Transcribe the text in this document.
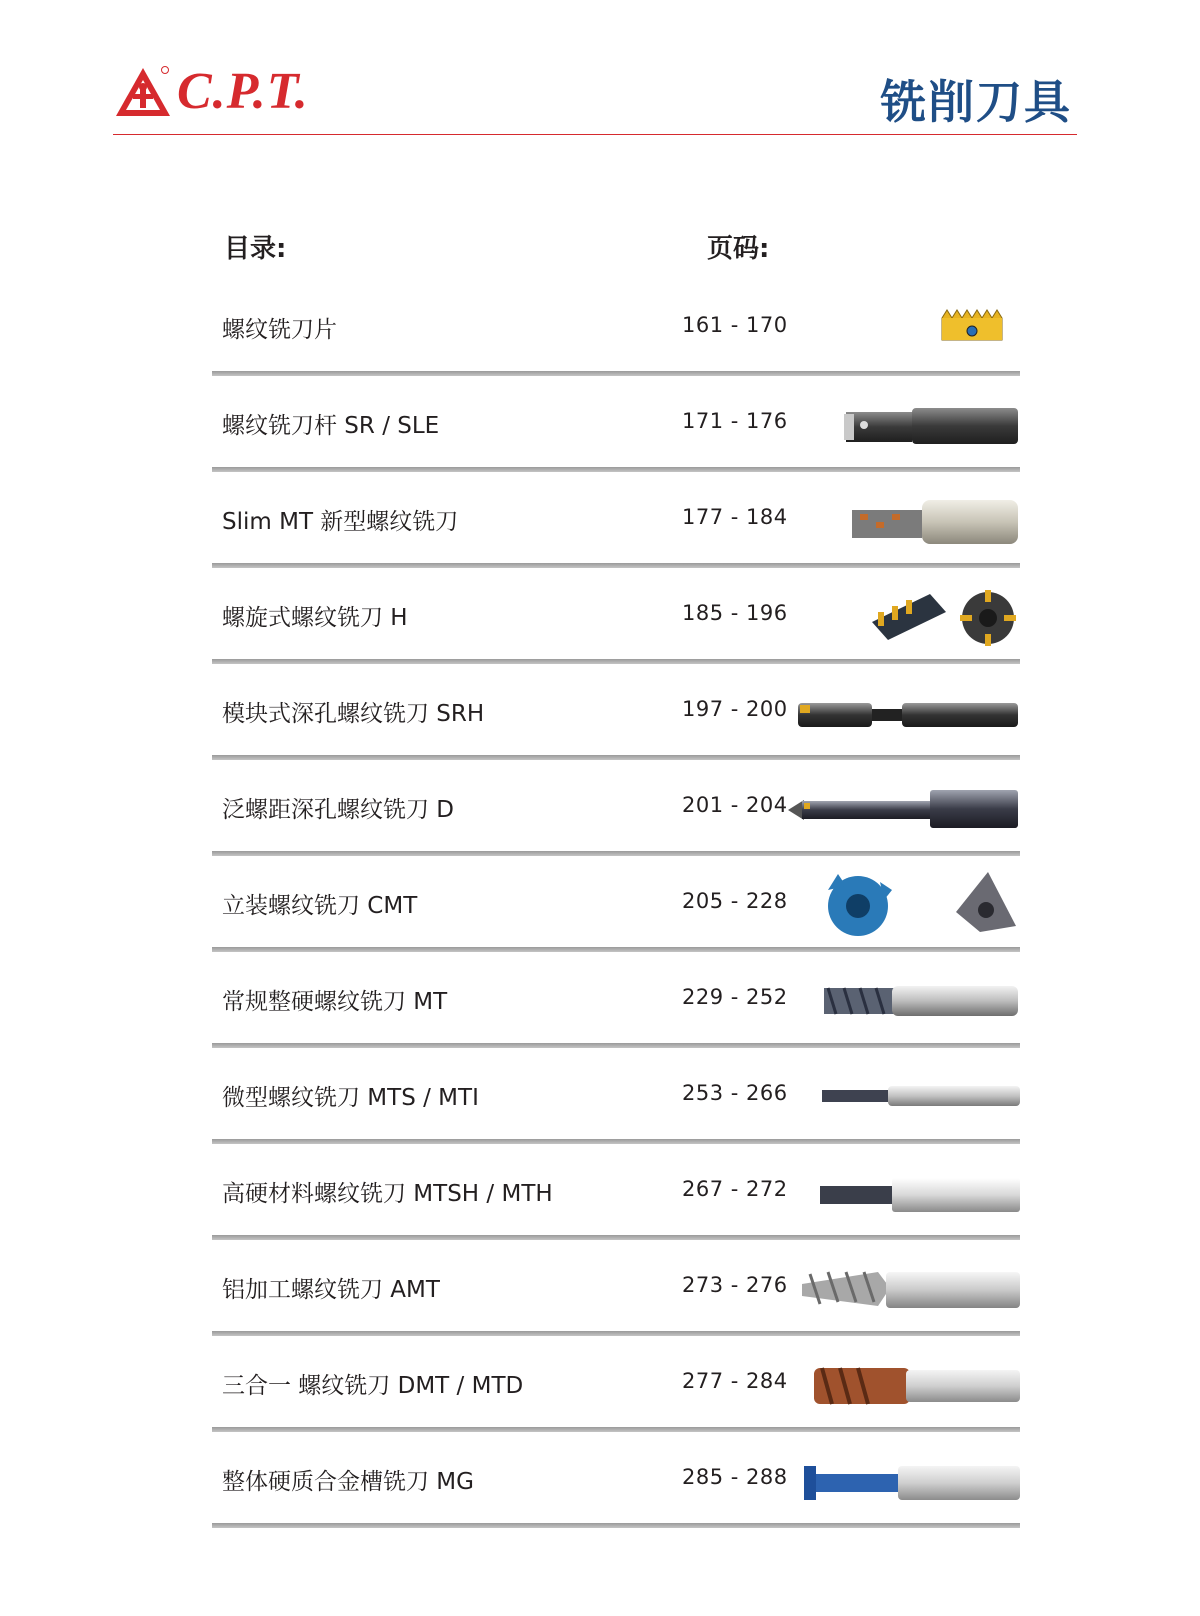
C.P.T.	铣削刀具
目录:	页码:
螺纹铣刀片	161 - 170
螺纹铣刀杆 SR / SLE	171 - 176
Slim MT 新型螺纹铣刀	177 - 184
螺旋式螺纹铣刀 H	185 - 196
模块式深孔螺纹铣刀 SRH	197 - 200
泛螺距深孔螺纹铣刀 D	201 - 204
立装螺纹铣刀 CMT	205 - 228
常规整硬螺纹铣刀 MT	229 - 252
微型螺纹铣刀 MTS / MTI	253 - 266
高硬材料螺纹铣刀 MTSH / MTH	267 - 272
铝加工螺纹铣刀 AMT	273 - 276
三合一 螺纹铣刀 DMT / MTD	277 - 284
整体硬质合金槽铣刀 MG	285 - 288
